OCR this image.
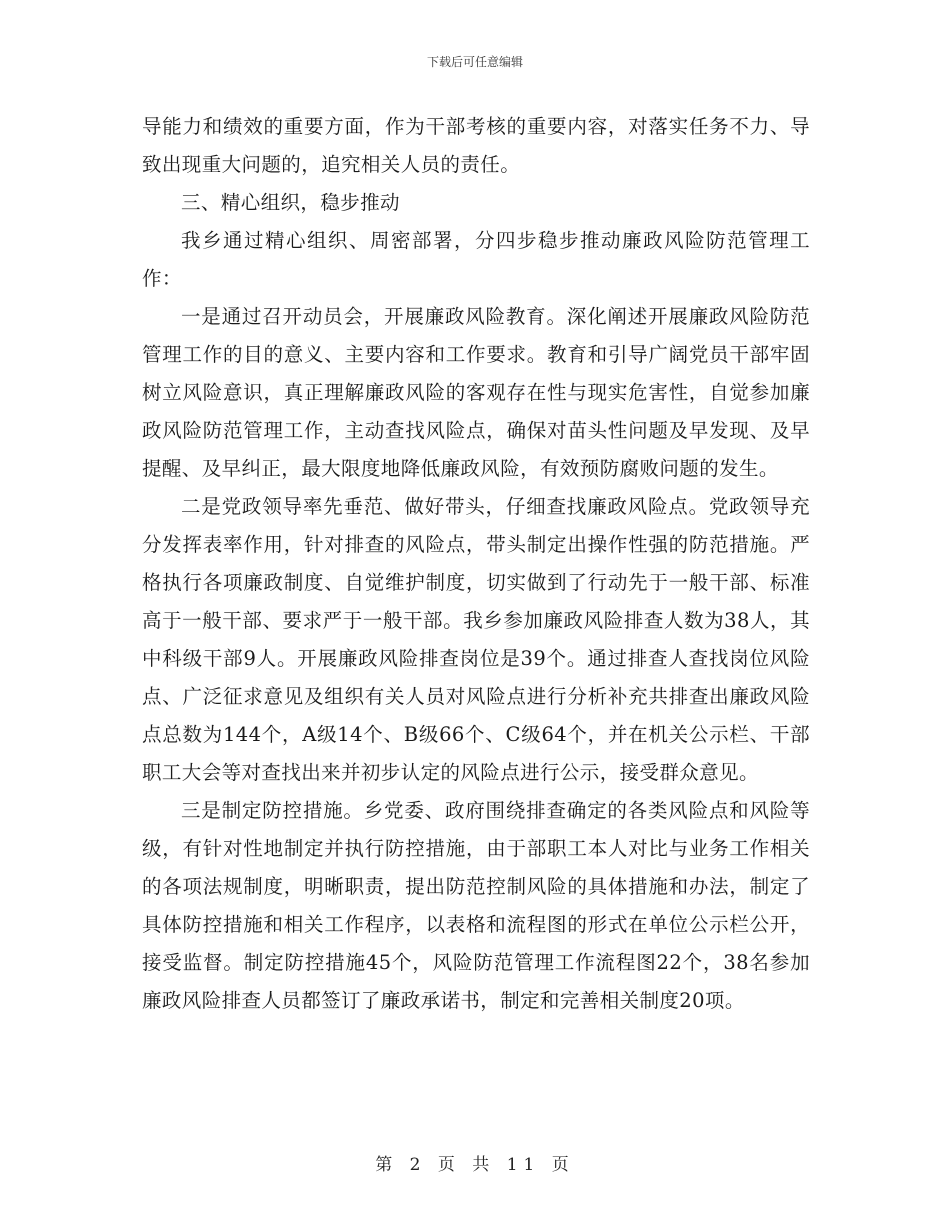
下载后可任意编辑

导能力和绩效的重要方面，作为干部考核的重要内容，对落实任务不力、导致出现重大问题的，追究相关人员的责任。

三、精心组织，稳步推动

我乡通过精心组织、周密部署，分四步稳步推动廉政风险防范管理工作：

一是通过召开动员会，开展廉政风险教育。深化阐述开展廉政风险防范管理工作的目的意义、主要内容和工作要求。教育和引导广阔党员干部牢固树立风险意识，真正理解廉政风险的客观存在性与现实危害性，自觉参加廉政风险防范管理工作，主动查找风险点，确保对苗头性问题及早发现、及早提醒、及早纠正，最大限度地降低廉政风险，有效预防腐败问题的发生。

二是党政领导率先垂范、做好带头，仔细查找廉政风险点。党政领导充分发挥表率作用，针对排查的风险点，带头制定出操作性强的防范措施。严格执行各项廉政制度、自觉维护制度，切实做到了行动先于一般干部、标准高于一般干部、要求严于一般干部。我乡参加廉政风险排查人数为38人，其中科级干部9人。开展廉政风险排查岗位是39个。通过排查人查找岗位风险点、广泛征求意见及组织有关人员对风险点进行分析补充共排查出廉政风险点总数为144个，A级14个、B级66个、C级64个，并在机关公示栏、干部职工大会等对查找出来并初步认定的风险点进行公示，接受群众意见。

三是制定防控措施。乡党委、政府围绕排查确定的各类风险点和风险等级，有针对性地制定并执行防控措施，由于部职工本人对比与业务工作相关的各项法规制度，明晰职责，提出防范控制风险的具体措施和办法，制定了具体防控措施和相关工作程序，以表格和流程图的形式在单位公示栏公开，接受监督。制定防控措施45个，风险防范管理工作流程图22个，38名参加廉政风险排查人员都签订了廉政承诺书，制定和完善相关制度20项。

第 2 页 共 11 页
